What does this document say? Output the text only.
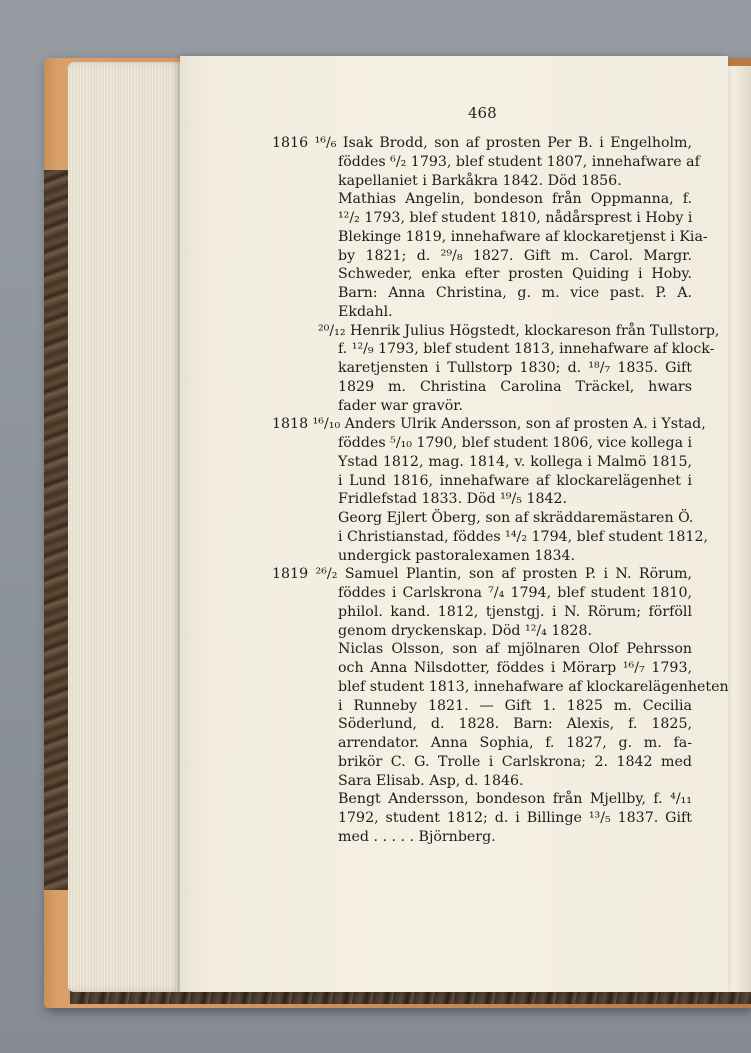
468
1816 ¹⁶/₆ Isak Brodd, son af prosten Per B. i Engelholm,
föddes ⁶/₂ 1793, blef student 1807, innehafware af
kapellaniet i Barkåkra 1842. Död 1856.
Mathias Angelin, bondeson från Oppmanna, f.
¹²/₂ 1793, blef student 1810, nådårsprest i Hoby i
Blekinge 1819, innehafware af klockaretjenst i Kia-
by 1821; d. ²⁹/₈ 1827. Gift m. Carol. Margr.
Schweder, enka efter prosten Quiding i Hoby.
Barn: Anna Christina, g. m. vice past. P. A.
Ekdahl.
²⁰/₁₂ Henrik Julius Högstedt, klockareson från Tullstorp,
f. ¹²/₉ 1793, blef student 1813, innehafware af klock-
karetjensten i Tullstorp 1830; d. ¹⁸/₇ 1835. Gift
1829 m. Christina Carolina Träckel, hwars
fader war gravör.
1818 ¹⁶/₁₀ Anders Ulrik Andersson, son af prosten A. i Ystad,
föddes ⁵/₁₀ 1790, blef student 1806, vice kollega i
Ystad 1812, mag. 1814, v. kollega i Malmö 1815,
i Lund 1816, innehafware af klockarelägenhet i
Fridlefstad 1833. Död ¹⁹/₅ 1842.
Georg Ejlert Öberg, son af skräddaremästaren Ö.
i Christianstad, föddes ¹⁴/₂ 1794, blef student 1812,
undergick pastoralexamen 1834.
1819 ²⁶/₂ Samuel Plantin, son af prosten P. i N. Rörum,
föddes i Carlskrona ⁷/₄ 1794, blef student 1810,
philol. kand. 1812, tjenstgj. i N. Rörum; förföll
genom dryckenskap. Död ¹²/₄ 1828.
Niclas Olsson, son af mjölnaren Olof Pehrsson
och Anna Nilsdotter, föddes i Mörarp ¹⁶/₇ 1793,
blef student 1813, innehafware af klockarelägenheten
i Runneby 1821. — Gift 1. 1825 m. Cecilia
Söderlund, d. 1828. Barn: Alexis, f. 1825,
arrendator. Anna Sophia, f. 1827, g. m. fa-
brikör C. G. Trolle i Carlskrona; 2. 1842 med
Sara Elisab. Asp, d. 1846.
Bengt Andersson, bondeson från Mjellby, f. ⁴/₁₁
1792, student 1812; d. i Billinge ¹³/₅ 1837. Gift
med . . . . . Björnberg.
